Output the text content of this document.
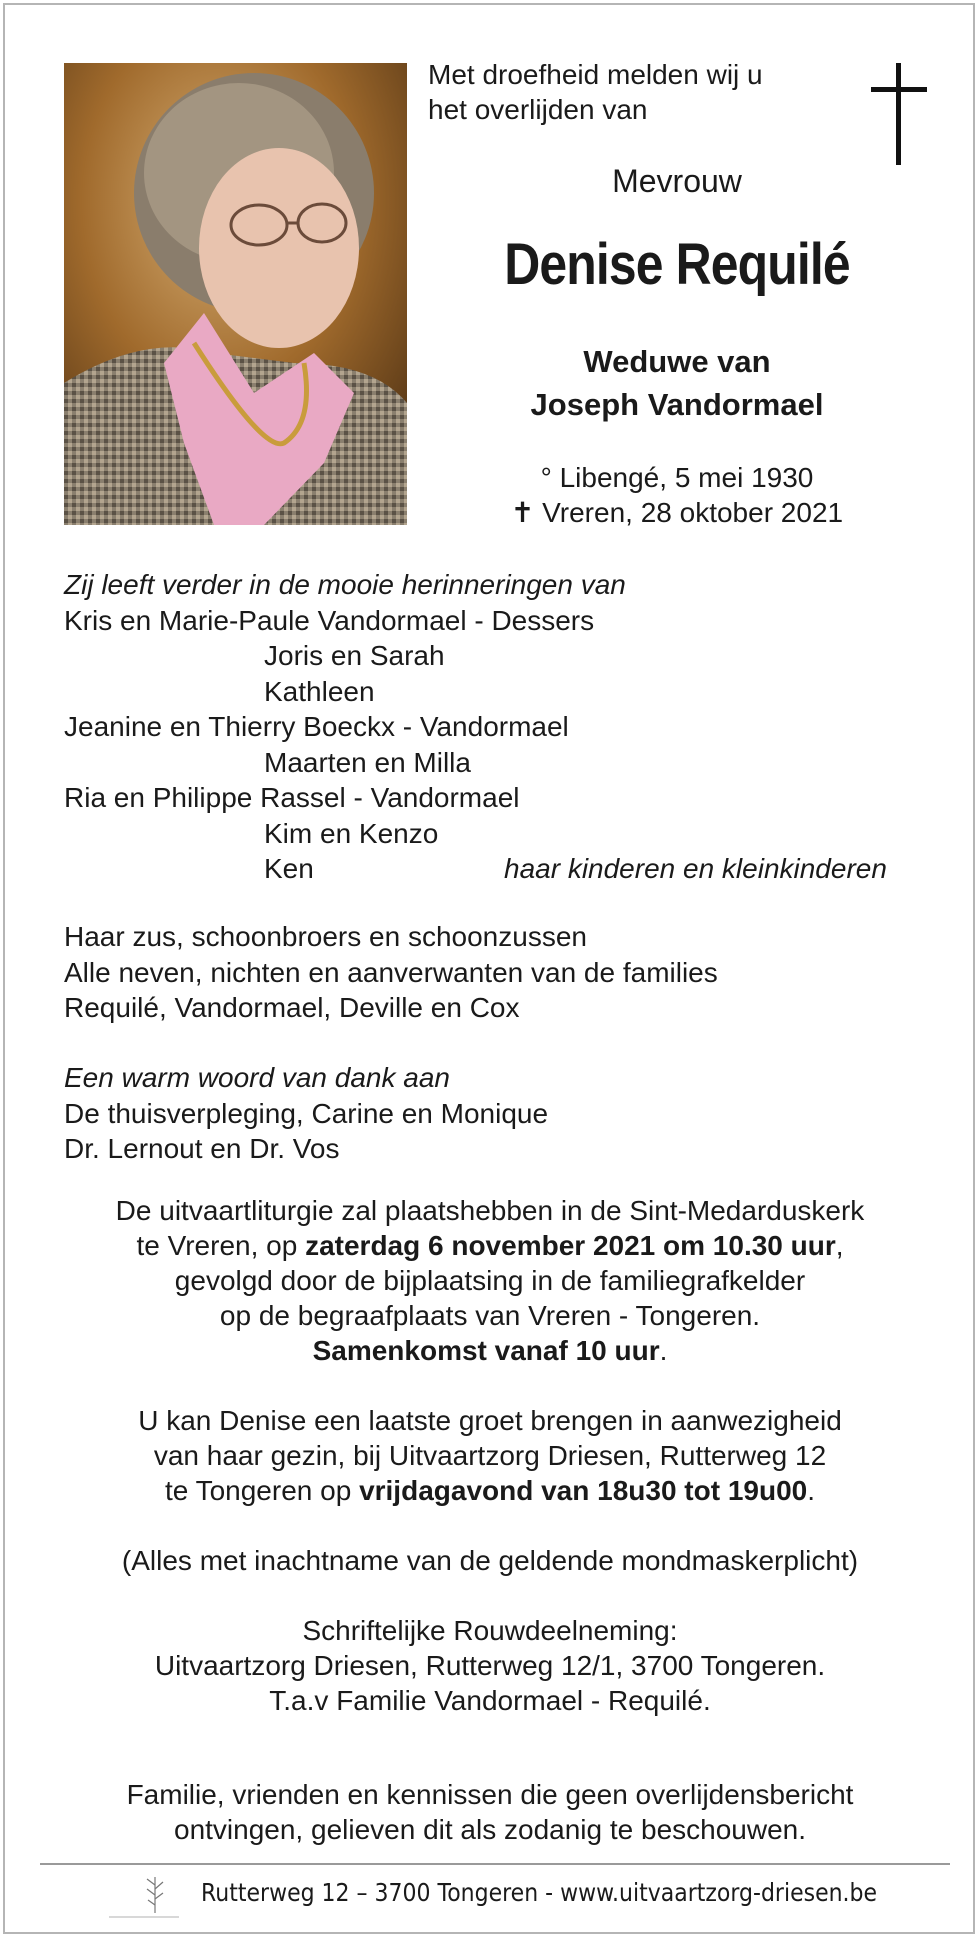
Met droefheid melden wij u
het overlijden van
Mevrouw
Denise Requilé
Weduwe van
Joseph Vandormael
° Libengé, 5 mei 1930
✝ Vreren, 28 oktober 2021
Zij leeft verder in de mooie herinneringen van
Kris en Marie-Paule Vandormael - Dessers
Joris en Sarah
Kathleen
Jeanine en Thierry Boeckx - Vandormael
Maarten en Milla
Ria en Philippe Rassel - Vandormael
Kim en Kenzo
Ken	haar kinderen en kleinkinderen
Haar zus, schoonbroers en schoonzussen
Alle neven, nichten en aanverwanten van de families
Requilé, Vandormael, Deville en Cox
Een warm woord van dank aan
De thuisverpleging, Carine en Monique
Dr. Lernout en Dr. Vos
De uitvaartliturgie zal plaatshebben in de Sint-Medarduskerk
te Vreren, op zaterdag 6 november 2021 om 10.30 uur,
gevolgd door de bijplaatsing in de familiegrafkelder
op de begraafplaats van Vreren - Tongeren.
Samenkomst vanaf 10 uur.
U kan Denise een laatste groet brengen in aanwezigheid
van haar gezin, bij Uitvaartzorg Driesen, Rutterweg 12
te Tongeren op vrijdagavond van 18u30 tot 19u00.
(Alles met inachtname van de geldende mondmaskerplicht)
Schriftelijke Rouwdeelneming:
Uitvaartzorg Driesen, Rutterweg 12/1, 3700 Tongeren.
T.a.v Familie Vandormael - Requilé.
Familie, vrienden en kennissen die geen overlijdensbericht
ontvingen, gelieven dit als zodanig te beschouwen.
Rutterweg 12 – 3700 Tongeren - www.uitvaartzorg-driesen.be
